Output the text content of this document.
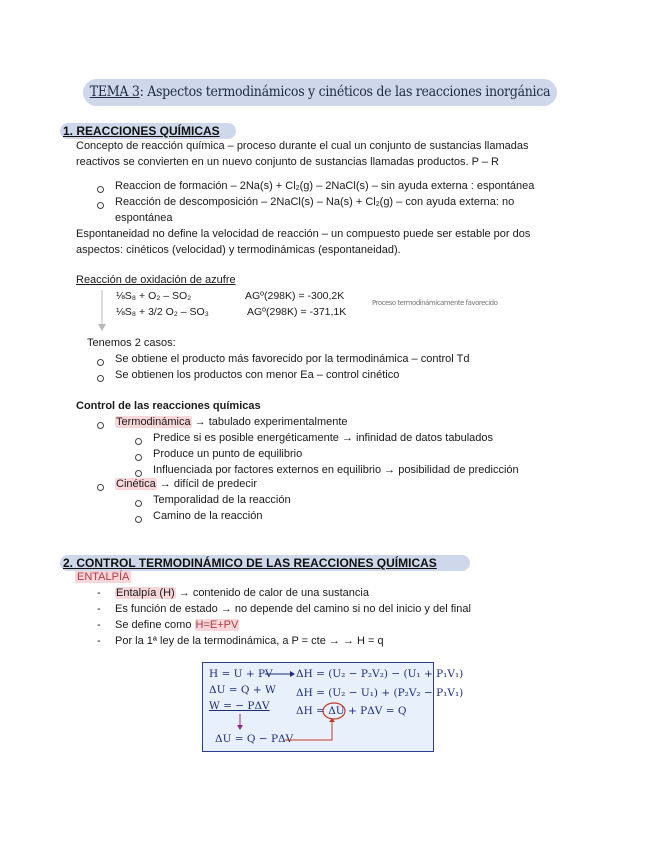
TEMA 3: Aspectos termodinámicos y cinéticos de las reacciones inorgánica
1. REACCIONES QUÍMICAS
Concepto de reacción química – proceso durante el cual un conjunto de sustancias llamadas
reactivos se convierten en un nuevo conjunto de sustancias llamadas productos. P – R
Reaccion de formación – 2Na(s) + Cl2(g) – 2NaCl(s) – sin ayuda externa : espontánea
Reacción de descomposición – 2NaCl(s) – Na(s) + Cl2(g) – con ayuda externa: no
espontánea
Espontaneidad no define la velocidad de reacción – un compuesto puede ser estable por dos
aspectos: cinéticos (velocidad) y termodinámicas (espontaneidad).
Reacción de oxidación de azufre
⅛S₈ + O₂ – SO₂	AGº(298K) = -300,2K
⅛S₈ + 3/2 O₂ – SO₃	AGº(298K) = -371,1K
Proceso termodinámicamente favorecido
Tenemos 2 casos:
Se obtiene el producto más favorecido por la termodinámica – control Td
Se obtienen los productos con menor Ea – control cinético
Control de las reacciones químicas
Termodinámica → tabulado experimentalmente
Predice si es posible energéticamente → infinidad de datos tabulados
Produce un punto de equilibrio
Influenciada por factores externos en equilibrio → posibilidad de predicción
Cinética → difícil de predecir
Temporalidad de la reacción
Camino de la reacción
2. CONTROL TERMODINÁMICO DE LAS REACCIONES QUÍMICAS
ENTALPÍA
- Entalpía (H) → contenido de calor de una sustancia
- Es función de estado → no depende del camino si no del inicio y del final
- Se define como H=E+PV
- Por la 1ª ley de la termodinámica, a P = cte → → H = q
H = U + PV
ΔU = Q + W
W = − PΔV
ΔU = Q − PΔV
ΔH = (U₂ − P₂V₂) − (U₁ + P₁V₁)
ΔH = (U₂ − U₁) + (P₂V₂ − P₁V₁)
ΔH = ΔU + PΔV = Q
